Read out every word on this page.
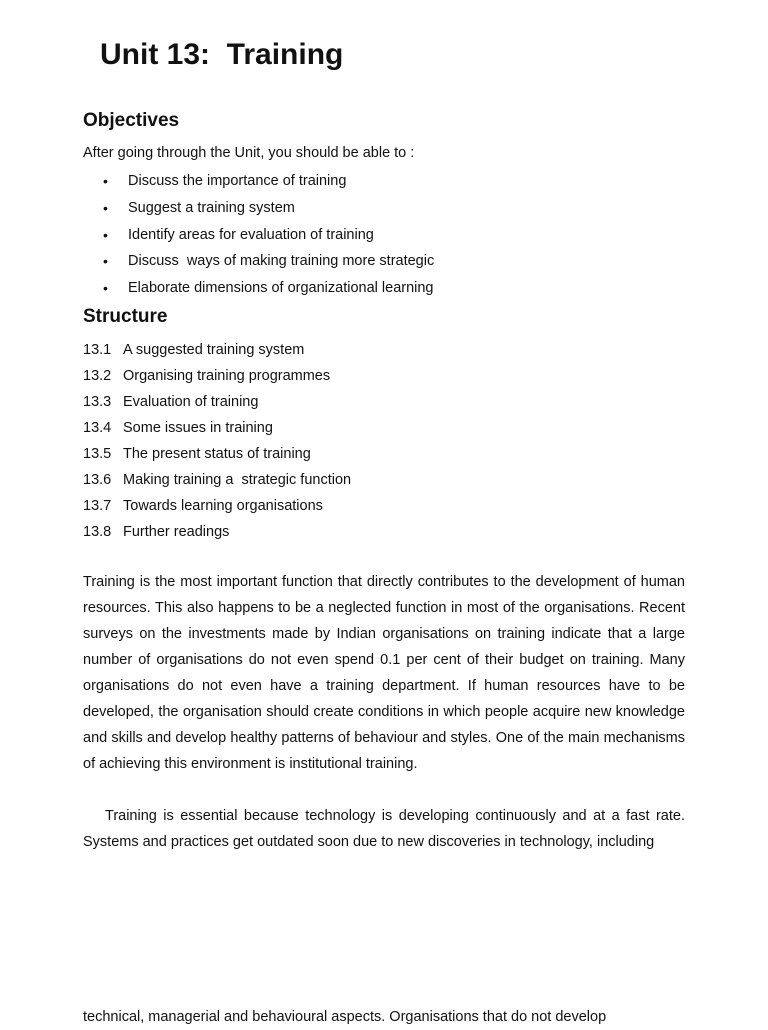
Unit 13:  Training
Objectives

After going through the Unit, you should be able to :

• Discuss the importance of training
• Suggest a training system
• Identify areas for evaluation of training
• Discuss  ways of making training more strategic
• Elaborate dimensions of organizational learning
Structure
13.1 A suggested training system
13.2 Organising training programmes
13.3 Evaluation of training
13.4 Some issues in training
13.5 The present status of training
13.6 Making training a  strategic function
13.7 Towards learning organisations
13.8 Further readings

Training is the most important function that directly contributes to the development of human resources. This also happens to be a neglected function in most of the organisations. Recent surveys on the investments made by Indian organisations on training indicate that a large number of organisations do not even spend 0.1 per cent of their budget on training. Many organisations do not even have a training department. If human resources have to be developed, the organisation should create conditions in which people acquire new knowledge and skills and develop healthy patterns of behaviour and styles. One of the main mechanisms of achieving this environment is institutional training.

Training is essential because technology is developing continuously and at a fast rate. Systems and practices get outdated soon due to new discoveries in technology, including

technical, managerial and behavioural aspects. Organisations that do not develop
